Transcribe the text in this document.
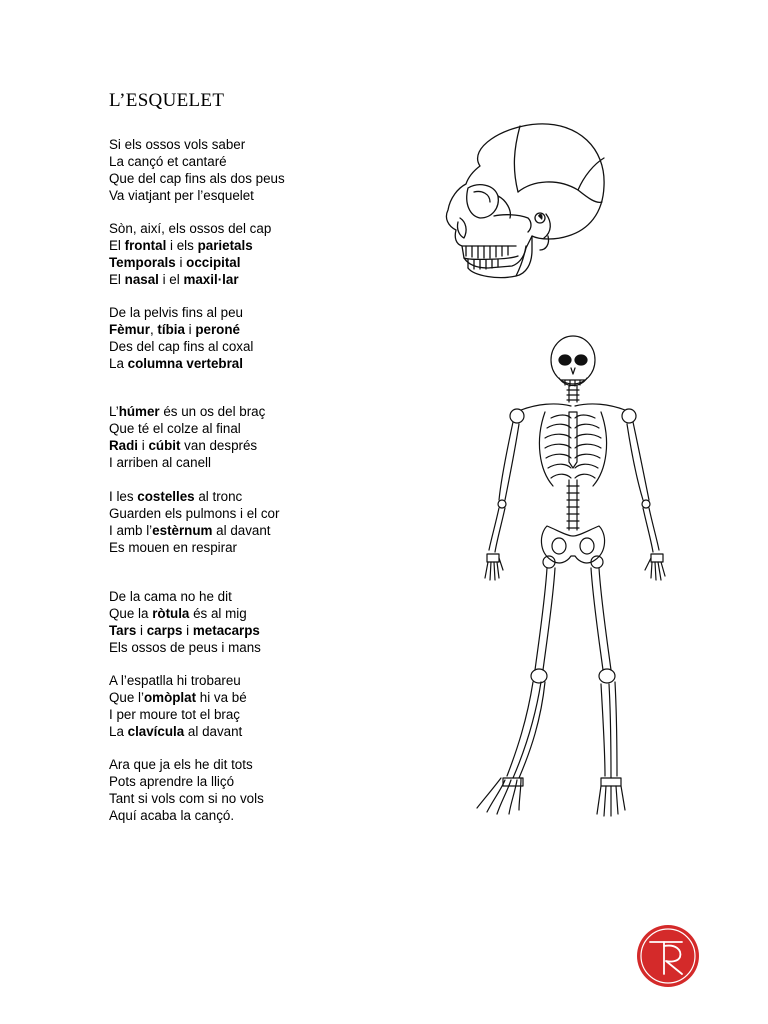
L’ESQUELET
Si els ossos vols saber
La cançó et cantaré
Que del cap fins als dos peus
Va viatjant per l’esquelet
Sòn, així, els ossos del cap
El frontal i els parietals
Temporals i occipital
El nasal i el maxil·lar
De la pelvis fins al peu
Fèmur, tíbia i peroné
Des del cap fins al coxal
La columna vertebral
L’húmer és un os del braç
Que té el colze al final
Radi i cúbit van després
I arriben al canell
I les costelles al tronc
Guarden els pulmons i el cor
I amb l’estèrnum al davant
Es mouen en respirar
De la cama no he dit
Que la ròtula és al mig
Tars i carps i metacarps
Els ossos de peus i mans
A l’espatlla hi trobareu
Que l’omòplat hi va bé
I per moure tot el braç
La clavícula al davant
Ara que ja els he dit tots
Pots aprendre la lliçó
Tant si vols com si no vols
Aquí acaba la cançó.
